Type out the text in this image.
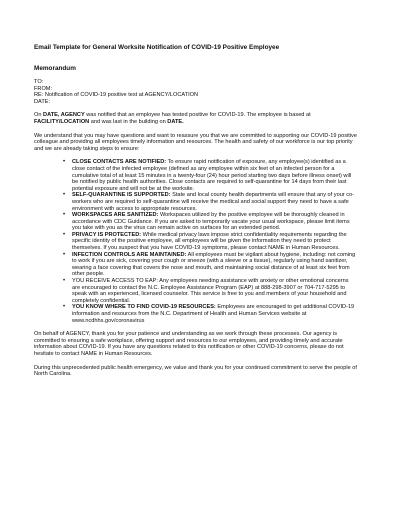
Email Template for General Worksite Notification of COVID-19 Positive Employee
Memorandum
TO:
FROM:
RE: Notification of COVID-19 positive test at AGENCY/LOCATION
DATE:

On DATE, AGENCY was notified that an employee has tested positive for COVID-19. The employee is based at FACILITY/LOCATION and was last in the building on DATE.

We understand that you may have questions and want to reassure you that we are committed to supporting our COVID-19 positive colleague and providing all employees timely information and resources. The health and safety of our workforce is our top priority and we are already taking steps to ensure:

• CLOSE CONTACTS ARE NOTIFIED: To ensure rapid notification of exposure, any employee(s) identified as a close contact of the infected employee (defined as any employee within six feet of an infected person for a cumulative total of at least 15 minutes in a twenty-four (24) hour period starting two days before illness onset) will be notified by public health authorities. Close contacts are required to self-quarantine for 14 days from their last potential exposure and will not be at the worksite.
• SELF-QUARANTINE IS SUPPORTED: State and local county health departments will ensure that any of your co-workers who are required to self-quarantine will receive the medical and social support they need to have a safe environment with access to appropriate resources.
• WORKSPACES ARE SANITIZED: Workspaces utilized by the positive employee will be thoroughly cleaned in accordance with CDC Guidance. If you are asked to temporarily vacate your usual workspace, please limit items you take with you as the virus can remain active on surfaces for an extended period.
• PRIVACY IS PROTECTED: While medical privacy laws impose strict confidentiality requirements regarding the specific identity of the positive employee, all employees will be given the information they need to protect themselves. If you suspect that you have COVID-19 symptoms, please contact NAME in Human Resources.
• INFECTION CONTROLS ARE MAINTAINED: All employees must be vigilant about hygiene, including: not coming to work if you are sick, covering your cough or sneeze (with a sleeve or a tissue), regularly using hand sanitizer, wearing a face covering that covers the nose and mouth, and maintaining social distance of at least six feet from other people.
• YOU RECEIVE ACCESS TO EAP: Any employees needing assistance with anxiety or other emotional concerns are encouraged to contact the N.C. Employee Assistance Program (EAP) at 888-298-3907 or 704-717-5295 to speak with an experienced, licensed counselor. This service is free to you and members of your household and completely confidential.
• YOU KNOW WHERE TO FIND COVID-19 RESOURCES: Employees are encouraged to get additional COVID-19 information and resources from the N.C. Department of Health and Human Services website at www.ncdhhs.gov/coronavirus

On behalf of AGENCY, thank you for your patience and understanding as we work through these processes. Our agency is committed to ensuring a safe workplace, offering support and resources to our employees, and providing timely and accurate information about COVID-19. If you have any questions related to this notification or other COVID-19 concerns, please do not hesitate to contact NAME in Human Resources.

During this unprecedented public health emergency, we value and thank you for your continued commitment to serve the people of North Carolina.
